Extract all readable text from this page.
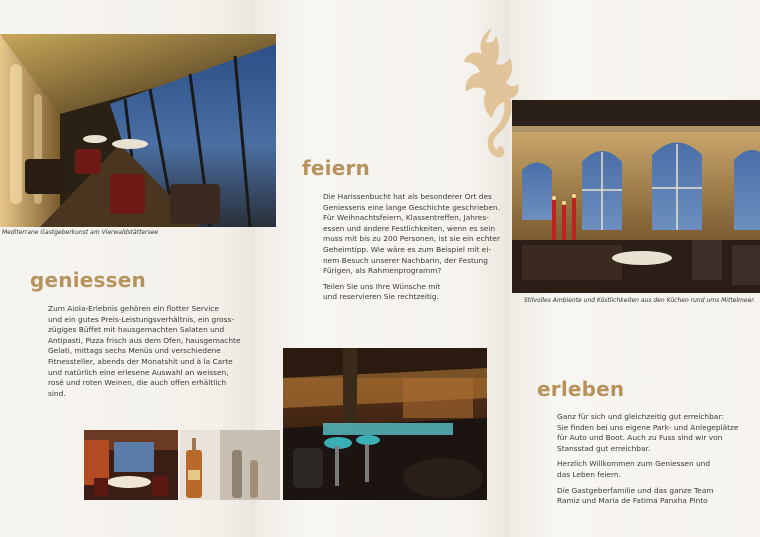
Mediterrane Gastgeberkunst am Vierwaldstättersee
geniessen

Zum Aiola-Erlebnis gehören ein flotter Service
und ein gutes Preis-Leistungsverhältnis, ein gross-
zügiges Büffet mit hausgemachten Salaten und
Antipasti, Pizza frisch aus dem Ofen, hausgemachte
Gelati, mittags sechs Menüs und verschiedene
Fitnessteller, abends der Monatshit und à la Carte
und natürlich eine erlesene Auswahl an weissen,
rosé und roten Weinen, die auch offen erhältlich
sind.

feiern

Die Harissenbucht hat als besonderer Ort des
Geniessens eine lange Geschichte geschrieben.
Für Weihnachtsfeiern, Klassentreffen, Jahres-
essen und andere Festlichkeiten, wenn es sein
muss mit bis zu 200 Personen, ist sie ein echter
Geheimtipp. Wie wäre es zum Beispiel mit ei-
nem Besuch unserer Nachbarin, der Festung
Fürigen, als Rahmenprogramm?

Teilen Sie uns Ihre Wünsche mit
und reservieren Sie rechtzeitig.	Stilvolles Ambiente und Köstlichkeiten aus den Küchen rund ums Mittelmeer.
erleben

Ganz für sich und gleichzeitig gut erreichbar:
Sie finden bei uns eigene Park- und Anlegeplätze
für Auto und Boot. Auch zu Fuss sind wir von
Stansstad gut erreichbar.

Herzlich Willkommen zum Geniessen und
das Leben feiern.

Die Gastgeberfamilie und das ganze Team
Ramiz und Maria de Fatima Panxha Pinto
